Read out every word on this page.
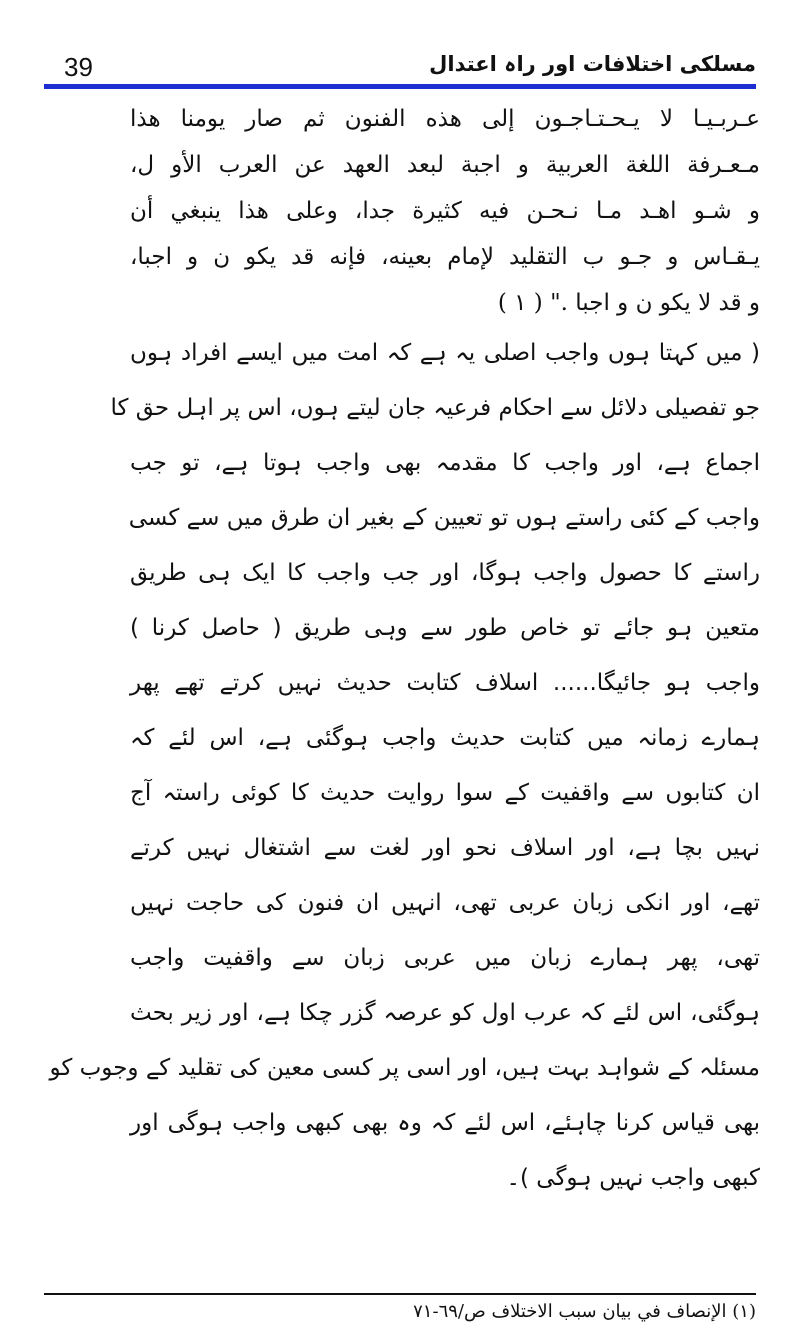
39	مسلکی اختلافات اور راہ اعتدال
عـربـيـا لا يـحـتـاجـون إلى هذه الفنون ثم صار يومنا هذا
مـعـرفة اللغة العربية و اجبة لبعد العهد عن العرب الأو ل،
و شـو اهـد مـا نـحـن فيه كثيرة جدا، وعلى هذا ينبغي أن
يـقـاس و جـو ب التقليد لإمام بعينه، فإنه قد يكو ن و اجبا،
و قد لا يكو ن و اجبا ." ( ١ )
( میں کہتا ہوں واجب اصلی یہ ہے کہ امت میں ایسے افراد ہوں
جو تفصیلی دلائل سے احکام فرعیہ جان لیتے ہوں، اس پر اہل حق کا
اجماع ہے، اور واجب کا مقدمہ بھی واجب ہوتا ہے، تو جب
واجب کے کئی راستے ہوں تو تعیین کے بغیر ان طرق میں سے کسی
راستے کا حصول واجب ہوگا، اور جب واجب کا ایک ہی طریق
متعین ہو جائے تو خاص طور سے وہی طریق ( حاصل کرنا )
واجب ہو جائیگا...... اسلاف کتابت حدیث نہیں کرتے تھے پھر
ہمارے زمانہ میں کتابت حدیث واجب ہوگئی ہے، اس لئے کہ
ان کتابوں سے واقفیت کے سوا روایت حدیث کا کوئی راستہ آج
نہیں بچا ہے، اور اسلاف نحو اور لغت سے اشتغال نہیں کرتے
تھے، اور انکی زبان عربی تھی، انہیں ان فنون کی حاجت نہیں
تھی، پھر ہمارے زبان میں عربی زبان سے واقفیت واجب
ہوگئی، اس لئے کہ عرب اول کو عرصہ گزر چکا ہے، اور زیر بحث
مسئلہ کے شواہد بہت ہیں، اور اسی پر کسی معین کی تقلید کے وجوب کو
بھی قیاس کرنا چاہئے، اس لئے کہ وہ بھی کبھی واجب ہوگی اور
کبھی واجب نہیں ہوگی )۔
(۱) الإنصاف في بيان سبب الاختلاف ص/٦٩-٧١
